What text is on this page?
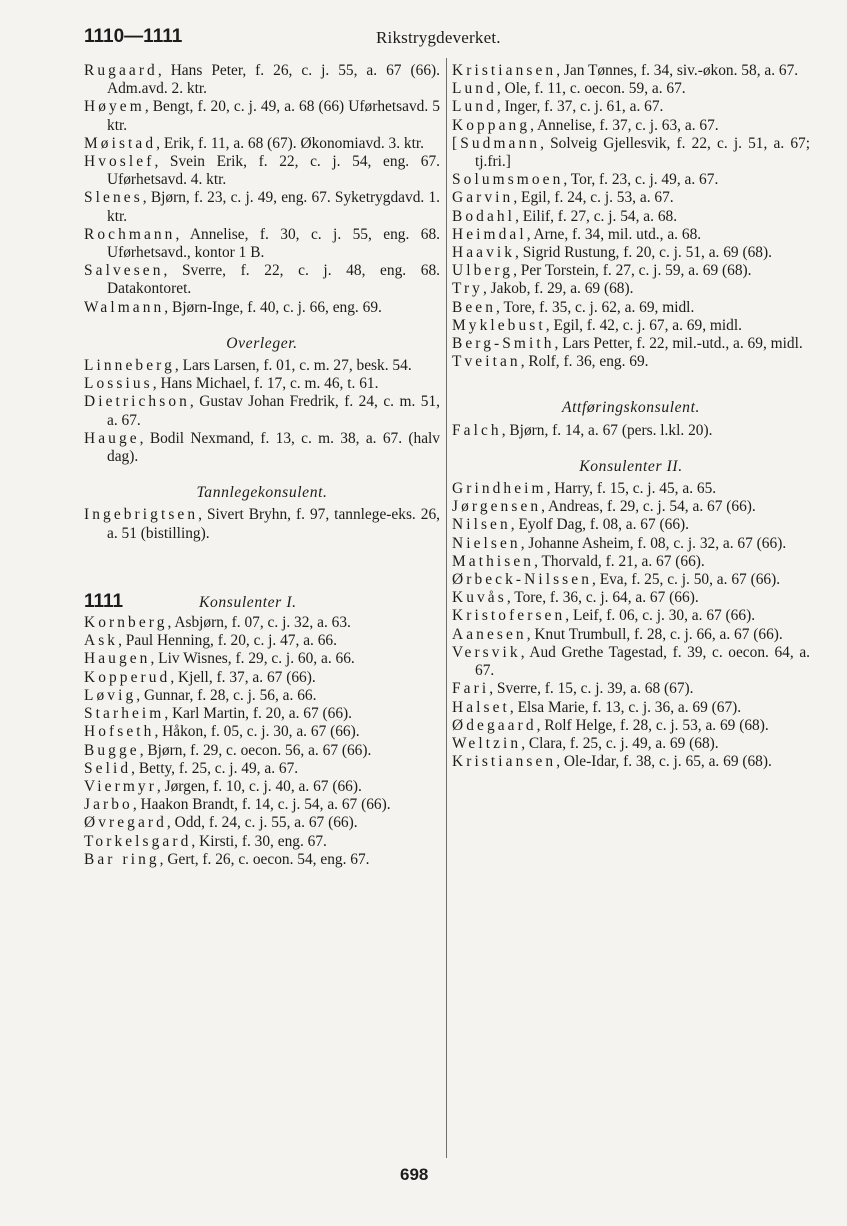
1110—1111	Rikstrygdeverket.

Rugaard, Hans Peter, f. 26, c. j. 55, a. 67 (66). Adm.avd. 2. ktr.

Høyem, Bengt, f. 20, c. j. 49, a. 68 (66) Uførhetsavd. 5 ktr.

Møistad, Erik, f. 11, a. 68 (67). Økonomiavd. 3. ktr.

Hvoslef, Svein Erik, f. 22, c. j. 54, eng. 67. Uførhetsavd. 4. ktr.

Slenes, Bjørn, f. 23, c. j. 49, eng. 67. Syketrygdavd. 1. ktr.

Rochmann, Annelise, f. 30, c. j. 55, eng. 68. Uførhetsavd., kontor 1 B.

Salvesen, Sverre, f. 22, c. j. 48, eng. 68. Datakontoret.

Walmann, Bjørn-Inge, f. 40, c. j. 66, eng. 69.

Overleger.

Linneberg, Lars Larsen, f. 01, c. m. 27, besk. 54.

Lossius, Hans Michael, f. 17, c. m. 46, t. 61.

Dietrichson, Gustav Johan Fredrik, f. 24, c. m. 51, a. 67.

Hauge, Bodil Nexmand, f. 13, c. m. 38, a. 67. (halv dag).

Tannlegekonsulent.

Ingebrigtsen, Sivert Bryhn, f. 97, tannlege-eks. 26, a. 51 (bistilling).

1111	Konsulenter I.

Kornberg, Asbjørn, f. 07, c. j. 32, a. 63.

Ask, Paul Henning, f. 20, c. j. 47, a. 66.

Haugen, Liv Wisnes, f. 29, c. j. 60, a. 66.

Kopperud, Kjell, f. 37, a. 67 (66).

Løvig, Gunnar, f. 28, c. j. 56, a. 66.

Starheim, Karl Martin, f. 20, a. 67 (66).

Hofseth, Håkon, f. 05, c. j. 30, a. 67 (66).

Bugge, Bjørn, f. 29, c. oecon. 56, a. 67 (66).

Selid, Betty, f. 25, c. j. 49, a. 67.

Viermyr, Jørgen, f. 10, c. j. 40, a. 67 (66).

Jarbo, Haakon Brandt, f. 14, c. j. 54, a. 67 (66).

Øvregard, Odd, f. 24, c. j. 55, a. 67 (66).

Torkelsgard, Kirsti, f. 30, eng. 67.

Bar ring, Gert, f. 26, c. oecon. 54, eng. 67.

Kristiansen, Jan Tønnes, f. 34, siv.-økon. 58, a. 67.

Lund, Ole, f. 11, c. oecon. 59, a. 67.

Lund, Inger, f. 37, c. j. 61, a. 67.

Koppang, Annelise, f. 37, c. j. 63, a. 67.

[Sudmann, Solveig Gjellesvik, f. 22, c. j. 51, a. 67; tj.fri.]

Solumsmoen, Tor, f. 23, c. j. 49, a. 67.

Garvin, Egil, f. 24, c. j. 53, a. 67.

Bodahl, Eilif, f. 27, c. j. 54, a. 68.

Heimdal, Arne, f. 34, mil. utd., a. 68.

Haavik, Sigrid Rustung, f. 20, c. j. 51, a. 69 (68).

Ulberg, Per Torstein, f. 27, c. j. 59, a. 69 (68).

Try, Jakob, f. 29, a. 69 (68).

Been, Tore, f. 35, c. j. 62, a. 69, midl.

Myklebust, Egil, f. 42, c. j. 67, a. 69, midl.

Berg-Smith, Lars Petter, f. 22, mil.-utd., a. 69, midl.

Tveitan, Rolf, f. 36, eng. 69.

Attføringskonsulent.

Falch, Bjørn, f. 14, a. 67 (pers. l.kl. 20).

Konsulenter II.

Grindheim, Harry, f. 15, c. j. 45, a. 65.

Jørgensen, Andreas, f. 29, c. j. 54, a. 67 (66).

Nilsen, Eyolf Dag, f. 08, a. 67 (66).

Nielsen, Johanne Asheim, f. 08, c. j. 32, a. 67 (66).

Mathisen, Thorvald, f. 21, a. 67 (66).

Ørbeck-Nilssen, Eva, f. 25, c. j. 50, a. 67 (66).

Kuvås, Tore, f. 36, c. j. 64, a. 67 (66).

Kristofersen, Leif, f. 06, c. j. 30, a. 67 (66).

Aanesen, Knut Trumbull, f. 28, c. j. 66, a. 67 (66).

Versvik, Aud Grethe Tagestad, f. 39, c. oecon. 64, a. 67.

Fari, Sverre, f. 15, c. j. 39, a. 68 (67).

Halset, Elsa Marie, f. 13, c. j. 36, a. 69 (67).

Ødegaard, Rolf Helge, f. 28, c. j. 53, a. 69 (68).

Weltzin, Clara, f. 25, c. j. 49, a. 69 (68).

Kristiansen, Ole-Idar, f. 38, c. j. 65, a. 69 (68).

698
